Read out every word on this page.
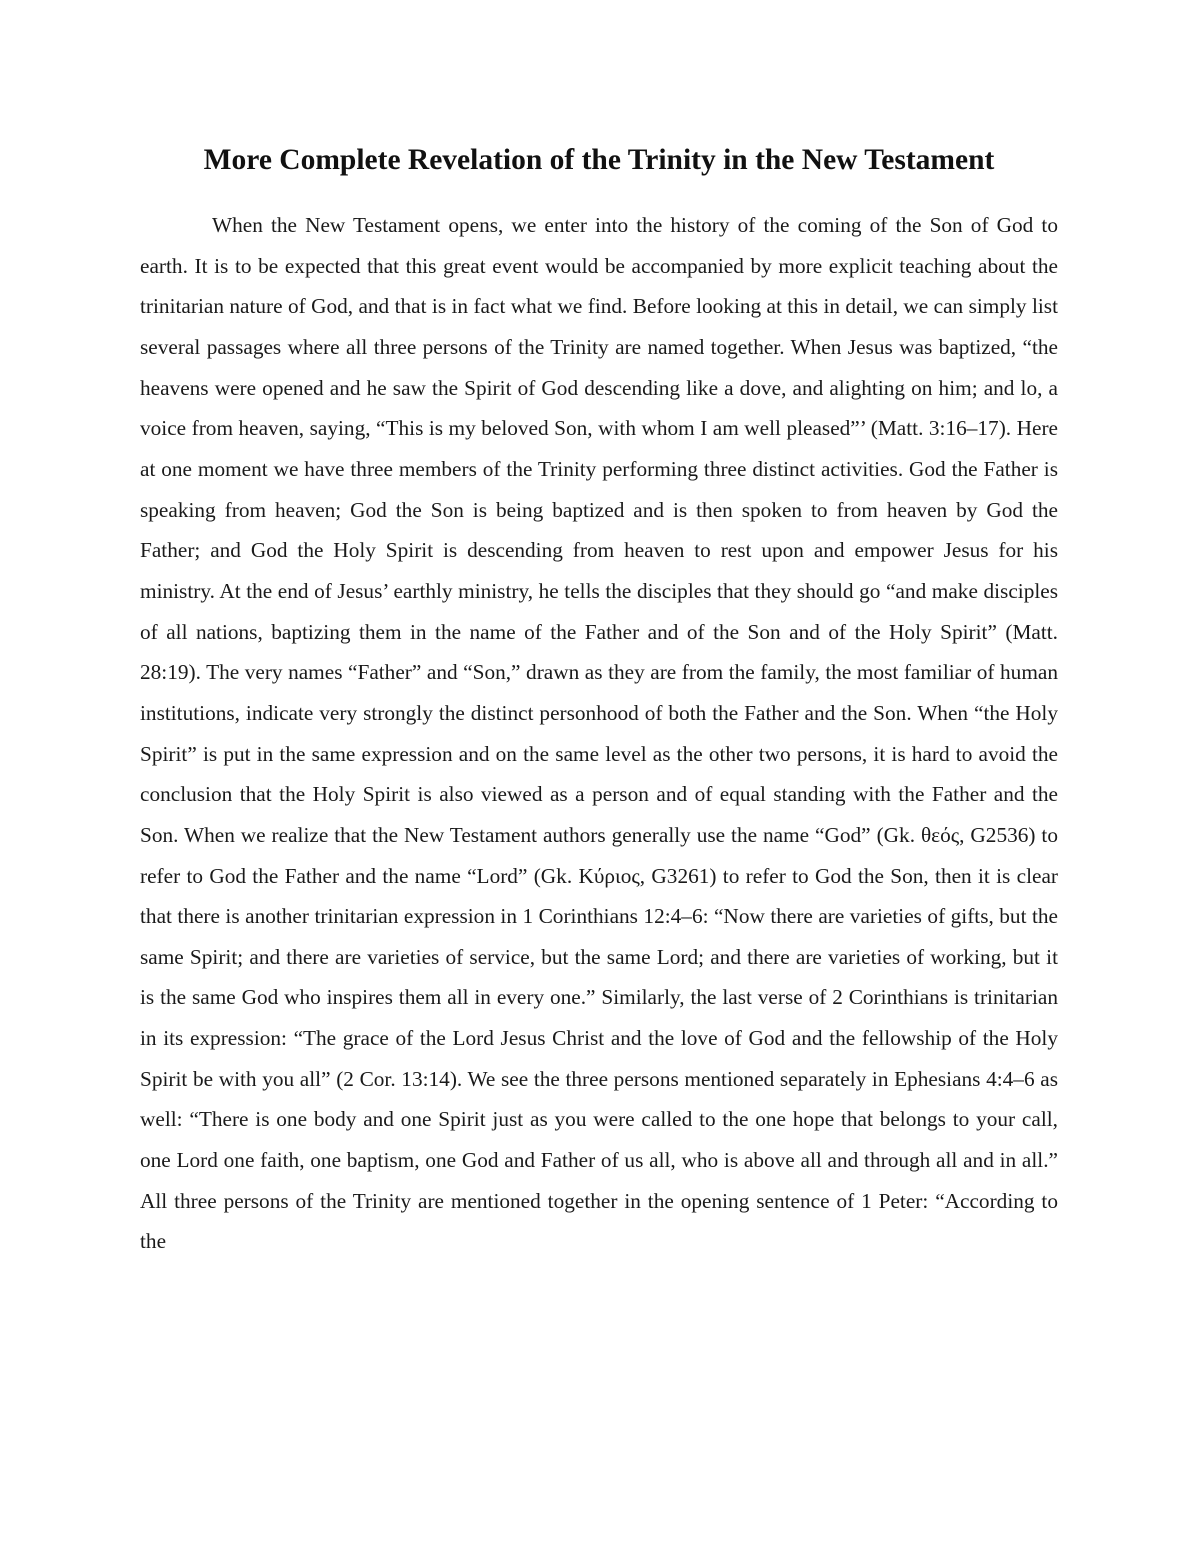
More Complete Revelation of the Trinity in the New Testament

When the New Testament opens, we enter into the history of the coming of the Son of God to earth. It is to be expected that this great event would be accompanied by more explicit teaching about the trinitarian nature of God, and that is in fact what we find. Before looking at this in detail, we can simply list several passages where all three persons of the Trinity are named together. When Jesus was baptized, “the heavens were opened and he saw the Spirit of God descending like a dove, and alighting on him; and lo, a voice from heaven, saying, “This is my beloved Son, with whom I am well pleased”’ (Matt. 3:16–17). Here at one moment we have three members of the Trinity performing three distinct activities. God the Father is speaking from heaven; God the Son is being baptized and is then spoken to from heaven by God the Father; and God the Holy Spirit is descending from heaven to rest upon and empower Jesus for his ministry. At the end of Jesus’ earthly ministry, he tells the disciples that they should go “and make disciples of all nations, baptizing them in the name of the Father and of the Son and of the Holy Spirit” (Matt. 28:19). The very names “Father” and “Son,” drawn as they are from the family, the most familiar of human institutions, indicate very strongly the distinct personhood of both the Father and the Son. When “the Holy Spirit” is put in the same expression and on the same level as the other two persons, it is hard to avoid the conclusion that the Holy Spirit is also viewed as a person and of equal standing with the Father and the Son. When we realize that the New Testament authors generally use the name “God” (Gk. θεός, G2536) to refer to God the Father and the name “Lord” (Gk. Κύριος, G3261) to refer to God the Son, then it is clear that there is another trinitarian expression in 1 Corinthians 12:4–6: “Now there are varieties of gifts, but the same Spirit; and there are varieties of service, but the same Lord; and there are varieties of working, but it is the same God who inspires them all in every one.” Similarly, the last verse of 2 Corinthians is trinitarian in its expression: “The grace of the Lord Jesus Christ and the love of God and the fellowship of the Holy Spirit be with you all” (2 Cor. 13:14). We see the three persons mentioned separately in Ephesians 4:4–6 as well: “There is one body and one Spirit just as you were called to the one hope that belongs to your call, one Lord one faith, one baptism, one God and Father of us all, who is above all and through all and in all.” All three persons of the Trinity are mentioned together in the opening sentence of 1 Peter: “According to the
